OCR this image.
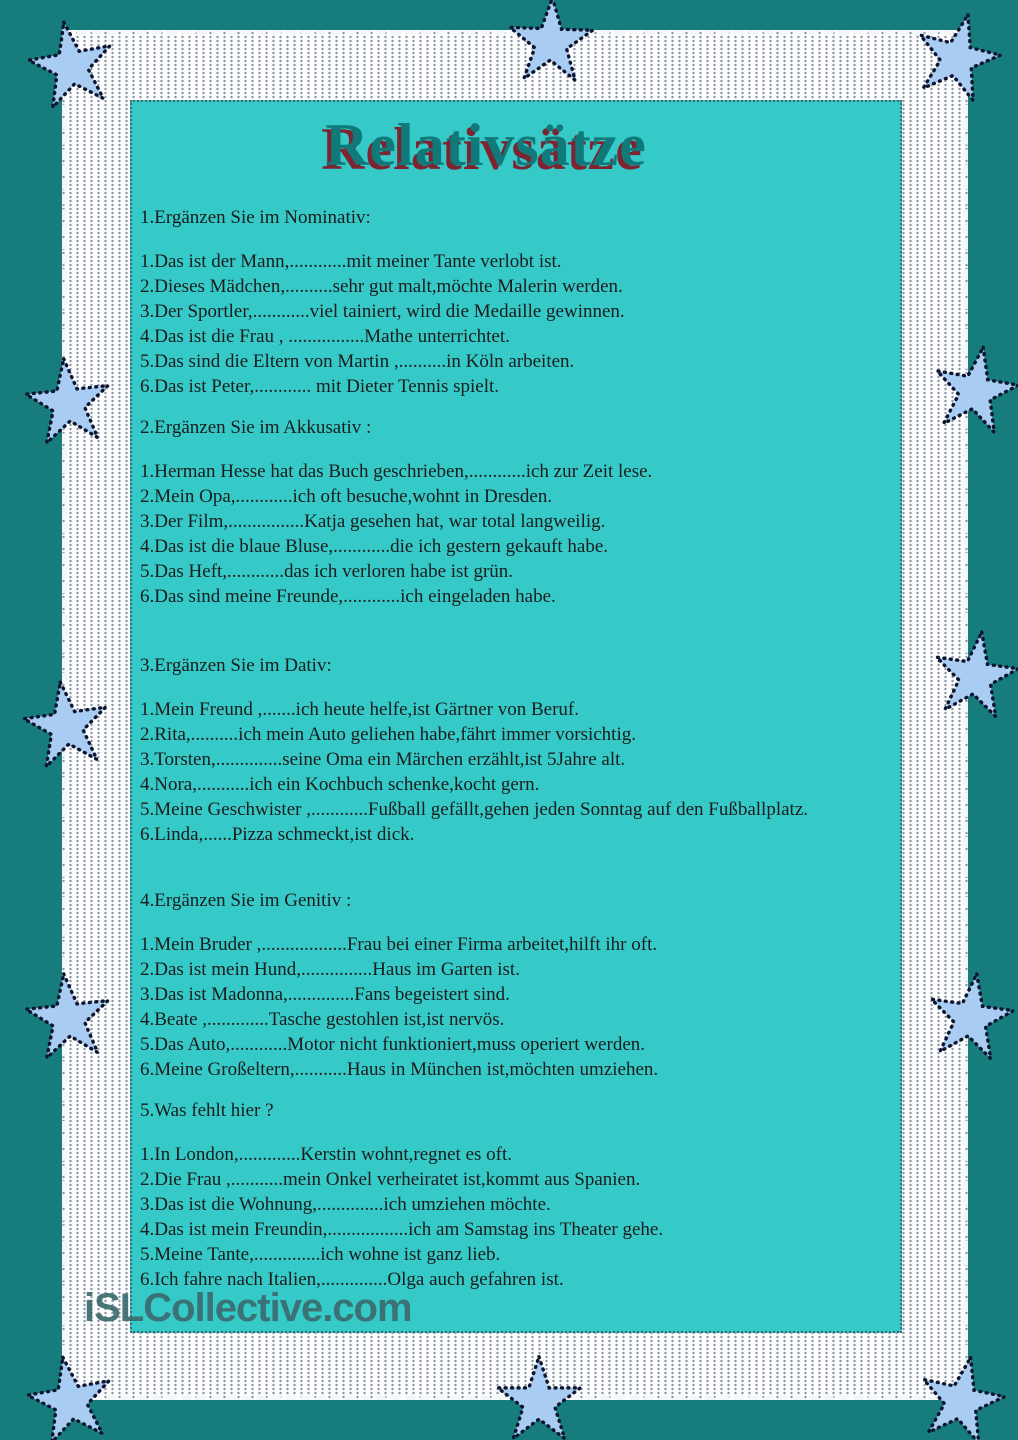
Relativsätze
1.Ergänzen Sie im Nominativ:
1.Das ist der Mann,............mit meiner Tante verlobt ist.
2.Dieses Mädchen,..........sehr gut malt,möchte Malerin werden.
3.Der Sportler,............viel tainiert, wird die Medaille gewinnen.
4.Das ist die Frau , ................Mathe unterrichtet.
5.Das sind die Eltern von Martin ,..........in Köln arbeiten.
6.Das ist Peter,............ mit Dieter Tennis spielt.
2.Ergänzen Sie im Akkusativ :
1.Herman Hesse hat das Buch geschrieben,............ich zur Zeit lese.
2.Mein Opa,............ich oft besuche,wohnt in Dresden.
3.Der Film,................Katja gesehen hat, war total langweilig.
4.Das ist die blaue Bluse,............die ich gestern gekauft habe.
5.Das Heft,............das ich verloren habe ist grün.
6.Das sind meine Freunde,............ich eingeladen habe.
3.Ergänzen Sie im Dativ:
1.Mein Freund ,.......ich heute helfe,ist Gärtner von Beruf.
2.Rita,..........ich mein Auto geliehen habe,fährt immer vorsichtig.
3.Torsten,..............seine Oma ein Märchen erzählt,ist 5Jahre alt.
4.Nora,...........ich ein Kochbuch schenke,kocht gern.
5.Meine Geschwister ,............Fußball gefällt,gehen jeden Sonntag auf den Fußballplatz.
6.Linda,......Pizza schmeckt,ist dick.
4.Ergänzen Sie im Genitiv :
1.Mein Bruder ,..................Frau bei einer Firma arbeitet,hilft ihr oft.
2.Das ist mein Hund,...............Haus im Garten ist.
3.Das ist Madonna,..............Fans begeistert sind.
4.Beate ,.............Tasche gestohlen ist,ist nervös.
5.Das Auto,............Motor nicht funktioniert,muss operiert werden.
6.Meine Großeltern,...........Haus in München ist,möchten umziehen.
5.Was fehlt hier ?
1.In London,.............Kerstin wohnt,regnet es oft.
2.Die Frau ,...........mein Onkel verheiratet ist,kommt aus Spanien.
3.Das ist die Wohnung,..............ich umziehen möchte.
4.Das ist mein Freundin,.................ich am Samstag ins Theater gehe.
5.Meine Tante,..............ich wohne ist ganz lieb.
6.Ich fahre nach Italien,..............Olga auch gefahren ist.
iSLCollective.com
